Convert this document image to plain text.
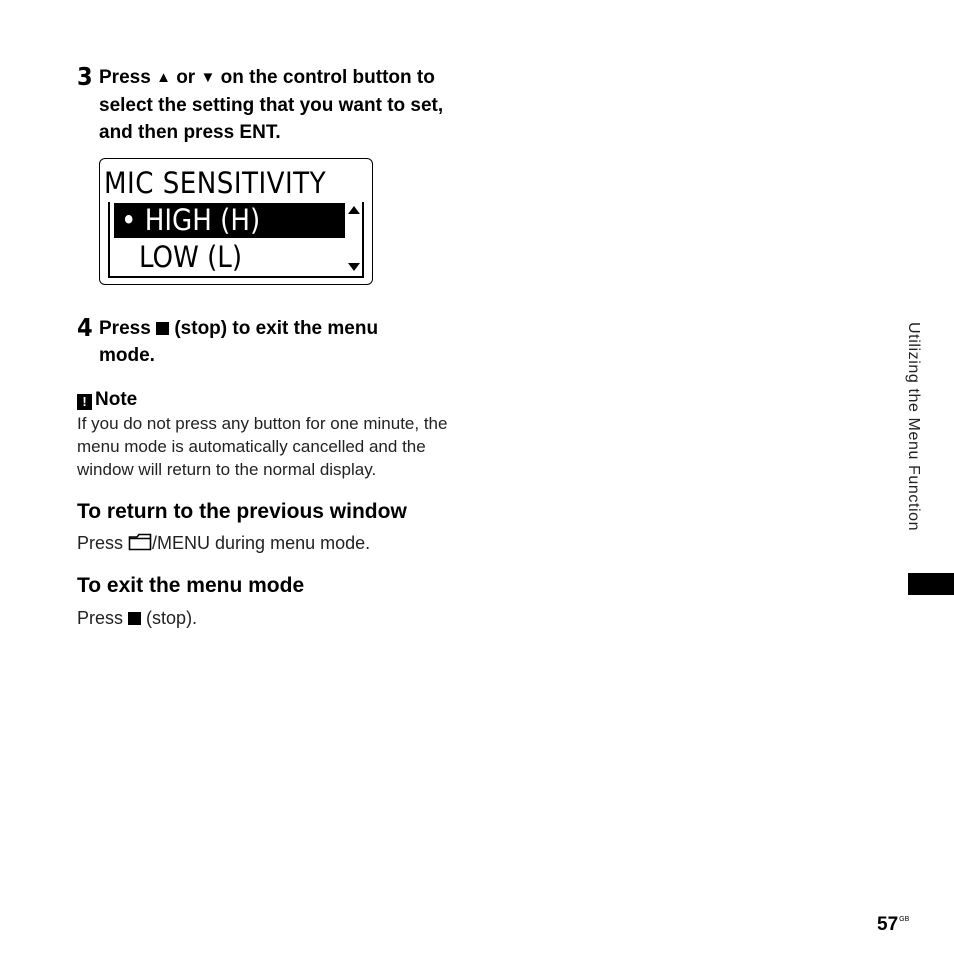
3 Press ▲ or ▼ on the control button to select the setting that you want to set, and then press ENT.
MIC SENSITIVITY
• HIGH (H)
LOW (L)
4 Press (stop) to exit the menu mode.
! Note
If you do not press any button for one minute, the menu mode is automatically cancelled and the window will return to the normal display.
To return to the previous window
Press /MENU during menu mode.
To exit the menu mode
Press (stop).
Utilizing the Menu Function
$57^{GB}$
